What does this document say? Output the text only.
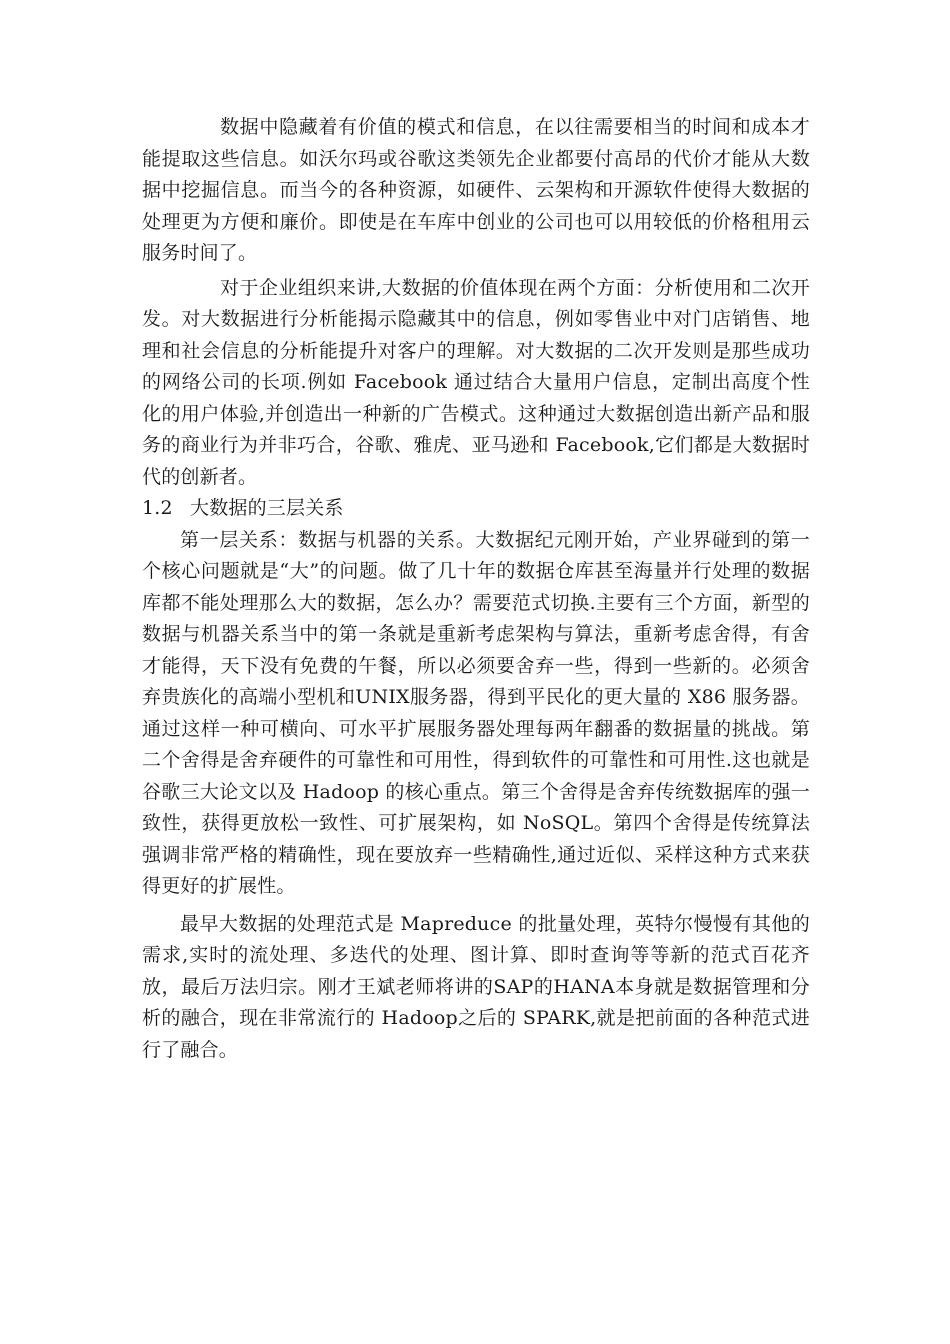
数据中隐藏着有价值的模式和信息，在以往需要相当的时间和成本才能提取这些信息。如沃尔玛或谷歌这类领先企业都要付高昂的代价才能从大数据中挖掘信息。而当今的各种资源，如硬件、云架构和开源软件使得大数据的处理更为方便和廉价。即使是在车库中创业的公司也可以用较低的价格租用云服务时间了。

对于企业组织来讲,大数据的价值体现在两个方面：分析使用和二次开发。对大数据进行分析能揭示隐藏其中的信息，例如零售业中对门店销售、地理和社会信息的分析能提升对客户的理解。对大数据的二次开发则是那些成功的网络公司的长项.例如 Facebook 通过结合大量用户信息，定制出高度个性化的用户体验,并创造出一种新的广告模式。这种通过大数据创造出新产品和服务的商业行为并非巧合，谷歌、雅虎、亚马逊和 Facebook,它们都是大数据时代的创新者。

1.2 大数据的三层关系

第一层关系：数据与机器的关系。大数据纪元刚开始，产业界碰到的第一个核心问题就是“大”的问题。做了几十年的数据仓库甚至海量并行处理的数据库都不能处理那么大的数据，怎么办？需要范式切换.主要有三个方面，新型的数据与机器关系当中的第一条就是重新考虑架构与算法，重新考虑舍得，有舍才能得，天下没有免费的午餐，所以必须要舍弃一些，得到一些新的。必须舍弃贵族化的高端小型机和UNIX服务器，得到平民化的更大量的 X86 服务器。通过这样一种可横向、可水平扩展服务器处理每两年翻番的数据量的挑战。第二个舍得是舍弃硬件的可靠性和可用性，得到软件的可靠性和可用性.这也就是谷歌三大论文以及 Hadoop 的核心重点。第三个舍得是舍弃传统数据库的强一致性，获得更放松一致性、可扩展架构，如 NoSQL。第四个舍得是传统算法强调非常严格的精确性，现在要放弃一些精确性,通过近似、采样这种方式来获得更好的扩展性。

最早大数据的处理范式是 Mapreduce 的批量处理，英特尔慢慢有其他的需求,实时的流处理、多迭代的处理、图计算、即时查询等等新的范式百花齐放，最后万法归宗。刚才王斌老师将讲的SAP的HANA本身就是数据管理和分析的融合，现在非常流行的 Hadoop之后的 SPARK,就是把前面的各种范式进行了融合。
